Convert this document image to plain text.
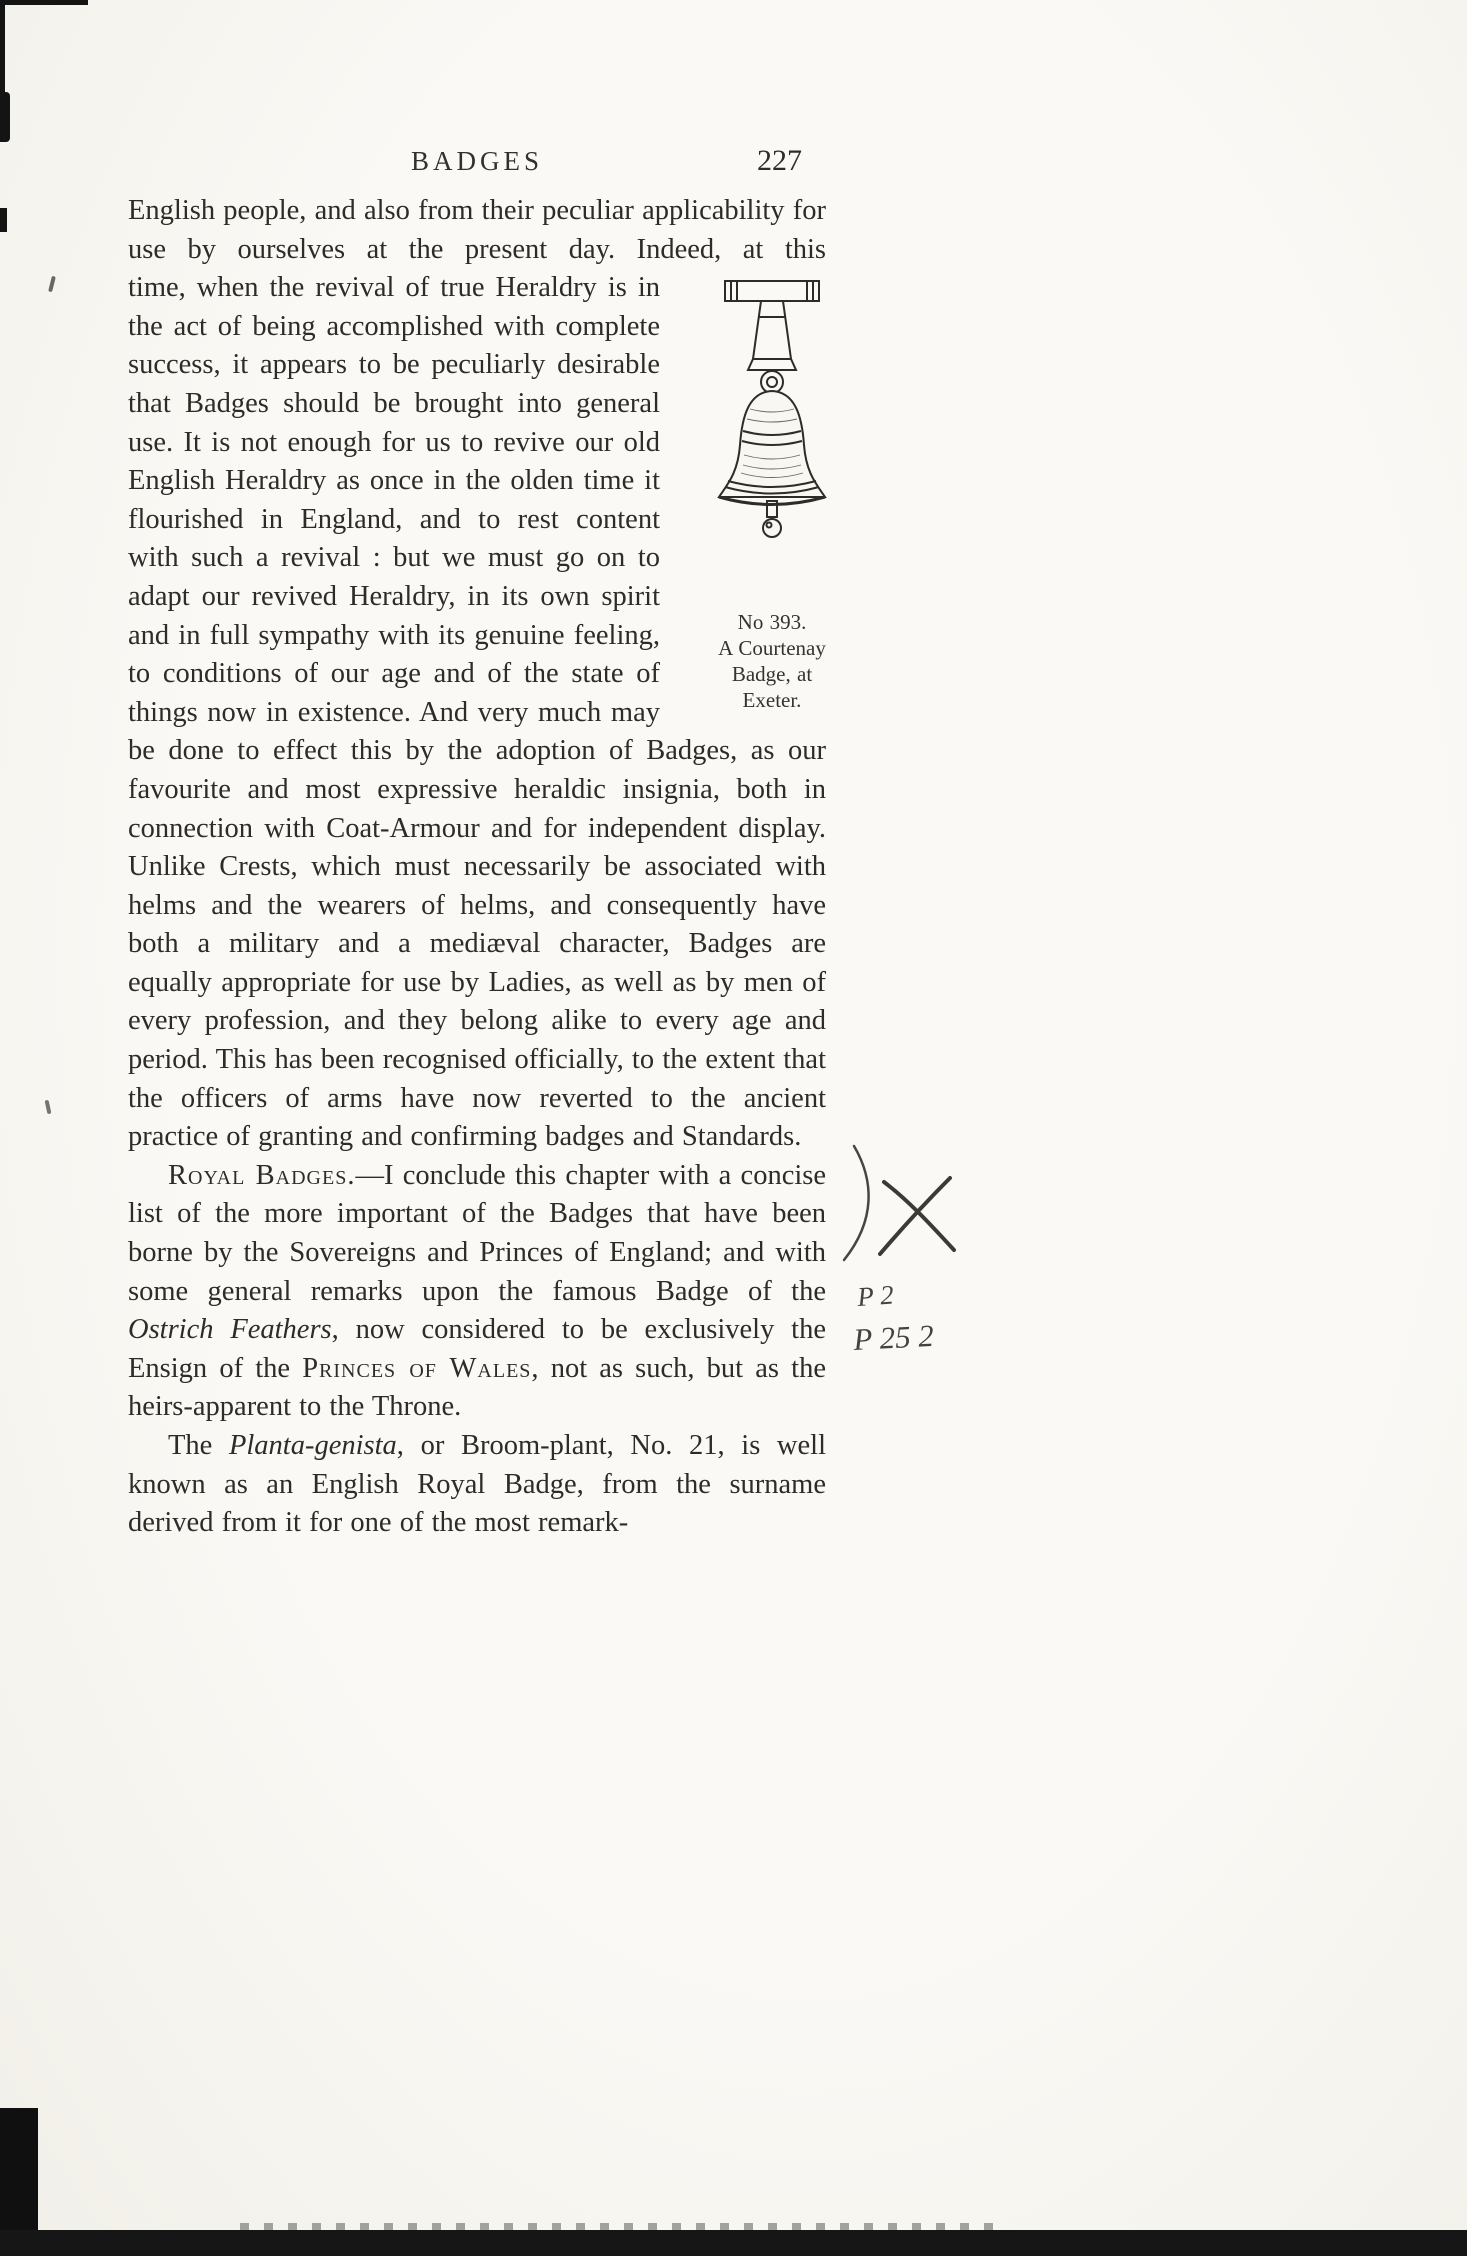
BADGES	227

English people, and also from their peculiar applicability for use by ourselves at the present day. Indeed, at this

No 393.
A Courtenay
Badge, at
Exeter.
time, when the revival of true Heraldry is in the act of being accomplished with complete success, it appears to be peculiarly desirable that Badges should be brought into general use. It is not enough for us to revive our old English Heraldry as once in the olden time it flourished in England, and to rest content with such a revival : but we must go on to adapt our revived Heraldry, in its own spirit and in full sympathy with its genuine feeling, to conditions of our age and of the state of things now in existence. And very much may be done to effect this by the adoption of Badges, as our favourite and most expressive heraldic insignia, both in connection with Coat-Armour and for independent display. Unlike Crests, which must necessarily be associated with helms and the wearers of helms, and consequently have both a military and a mediæval character, Badges are equally appropriate for use by Ladies, as well as by men of every profession, and they belong alike to every age and period. This has been recognised officially, to the extent that the officers of arms have now reverted to the ancient practice of granting and confirming badges and Standards.

Royal Badges.—I conclude this chapter with a concise list of the more important of the Badges that have been borne by the Sovereigns and Princes of England; and with some general remarks upon the famous Badge of the Ostrich Feathers, now considered to be exclusively the Ensign of the Princes of Wales, not as such, but as the heirs-apparent to the Throne.

The Planta-genista, or Broom-plant, No. 21, is well known as an English Royal Badge, from the surname derived from it for one of the most remark-

P 2
P 25 2
